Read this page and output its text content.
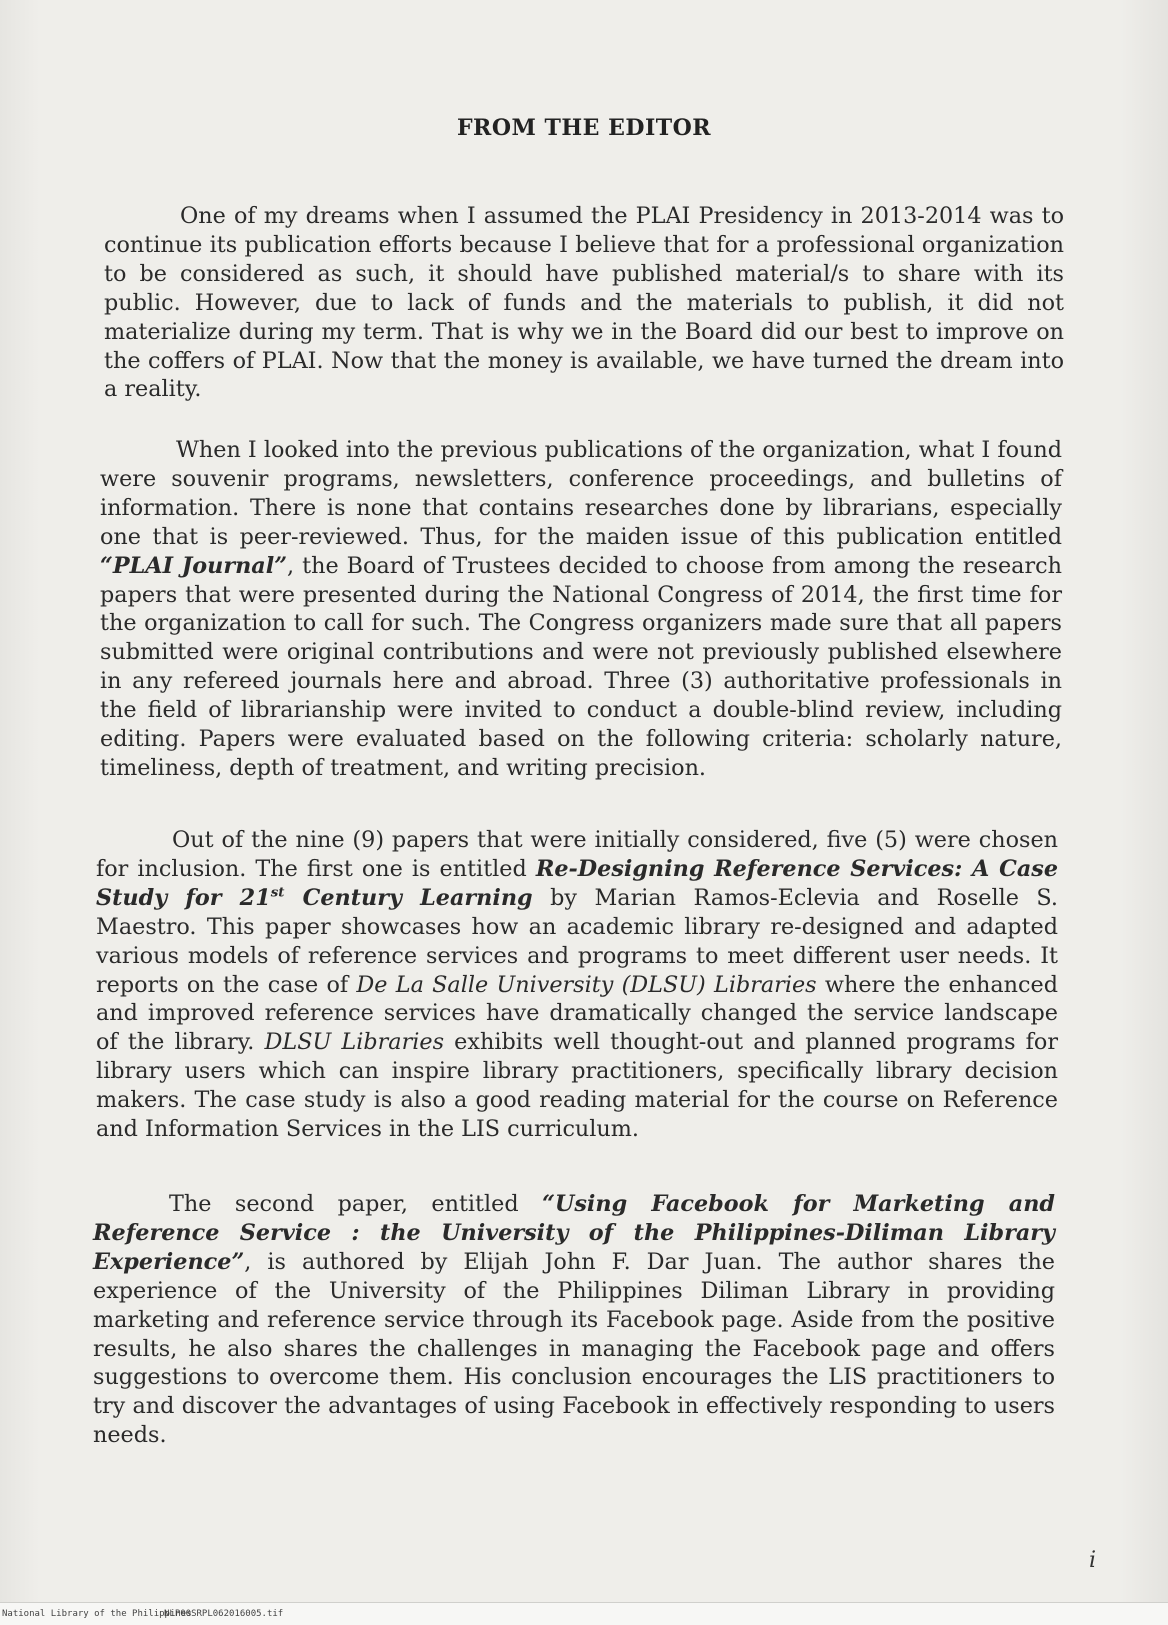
FROM THE EDITOR

One of my dreams when I assumed the PLAI Presidency in 2013-2014 was to continue its publication efforts because I believe that for a professional organization to be considered as such, it should have published material/s to share with its public. However, due to lack of funds and the materials to publish, it did not materialize during my term. That is why we in the Board did our best to improve on the coffers of PLAI. Now that the money is available, we have turned the dream into a reality.

When I looked into the previous publications of the organization, what I found were souvenir programs, newsletters, conference proceedings, and bulletins of information. There is none that contains researches done by librarians, especially one that is peer-reviewed. Thus, for the maiden issue of this publication entitled “PLAI Journal”, the Board of Trustees decided to choose from among the research papers that were presented during the National Congress of 2014, the first time for the organization to call for such. The Congress organizers made sure that all papers submitted were original contributions and were not previously published elsewhere in any refereed journals here and abroad. Three (3) authoritative professionals in the field of librarianship were invited to conduct a double-blind review, including editing. Papers were evaluated based on the following criteria: scholarly nature, timeliness, depth of treatment, and writing precision.

Out of the nine (9) papers that were initially considered, five (5) were chosen for inclusion. The first one is entitled Re-Designing Reference Services: A Case Study for 21st Century Learning by Marian Ramos-Eclevia and Roselle S. Maestro. This paper showcases how an academic library re-designed and adapted various models of reference services and programs to meet different user needs. It reports on the case of De La Salle University (DLSU) Libraries where the enhanced and improved reference services have dramatically changed the service landscape of the library. DLSU Libraries exhibits well thought-out and planned programs for library users which can inspire library practitioners, specifically library decision makers. The case study is also a good reading material for the course on Reference and Information Services in the LIS curriculum.

The second paper, entitled “Using Facebook for Marketing and Reference Service : the University of the Philippines-Diliman Library Experience”, is authored by Elijah John F. Dar Juan. The author shares the experience of the University of the Philippines Diliman Library in providing marketing and reference service through its Facebook page. Aside from the positive results, he also shares the challenges in managing the Facebook page and offers suggestions to overcome them. His conclusion encourages the LIS practitioners to try and discover the advantages of using Facebook in effectively responding to users needs.

i
National Library of the Philippines
NLP00SRPL062016005.tif
